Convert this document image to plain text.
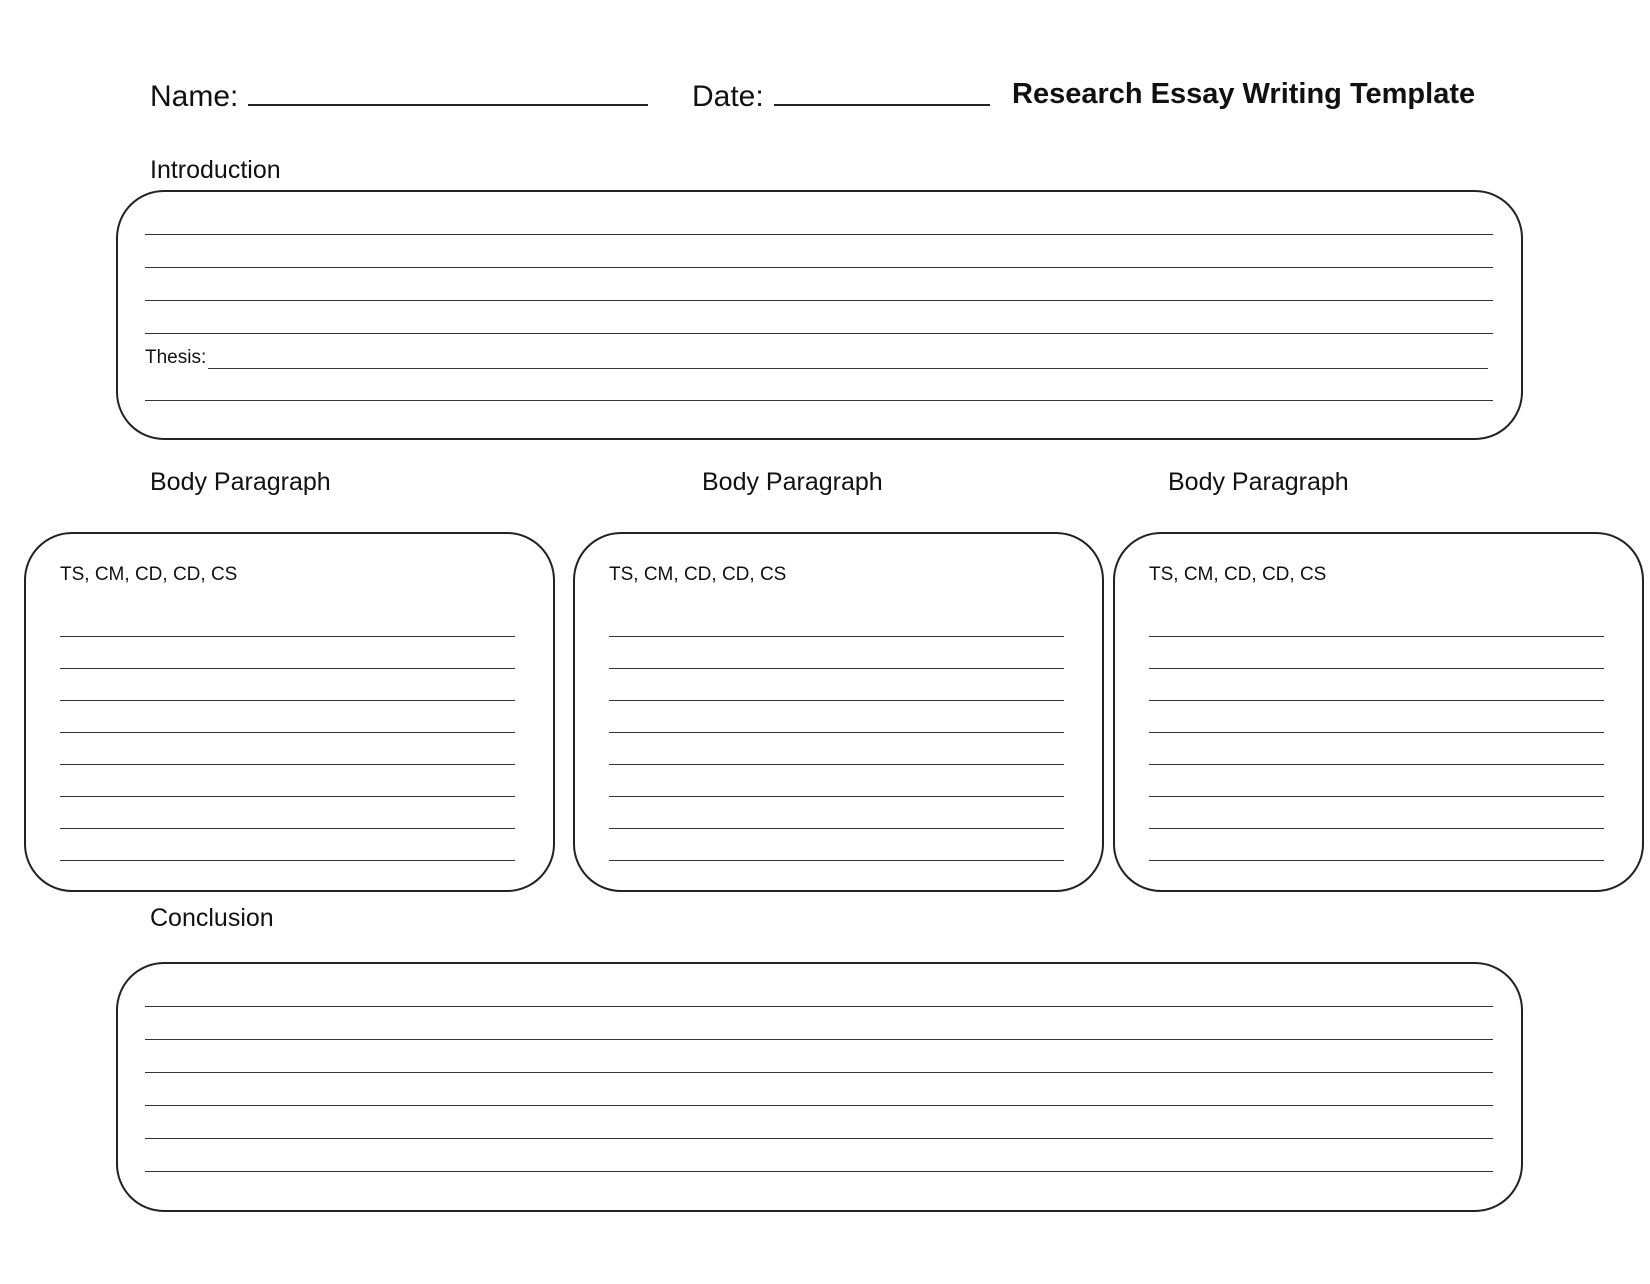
Name:	Date:	Research Essay Writing Template
Introduction
Thesis:
Body Paragraph	Body Paragraph	Body Paragraph
TS, CM, CD, CD, CS	TS, CM, CD, CD, CS	TS, CM, CD, CD, CS
Conclusion
